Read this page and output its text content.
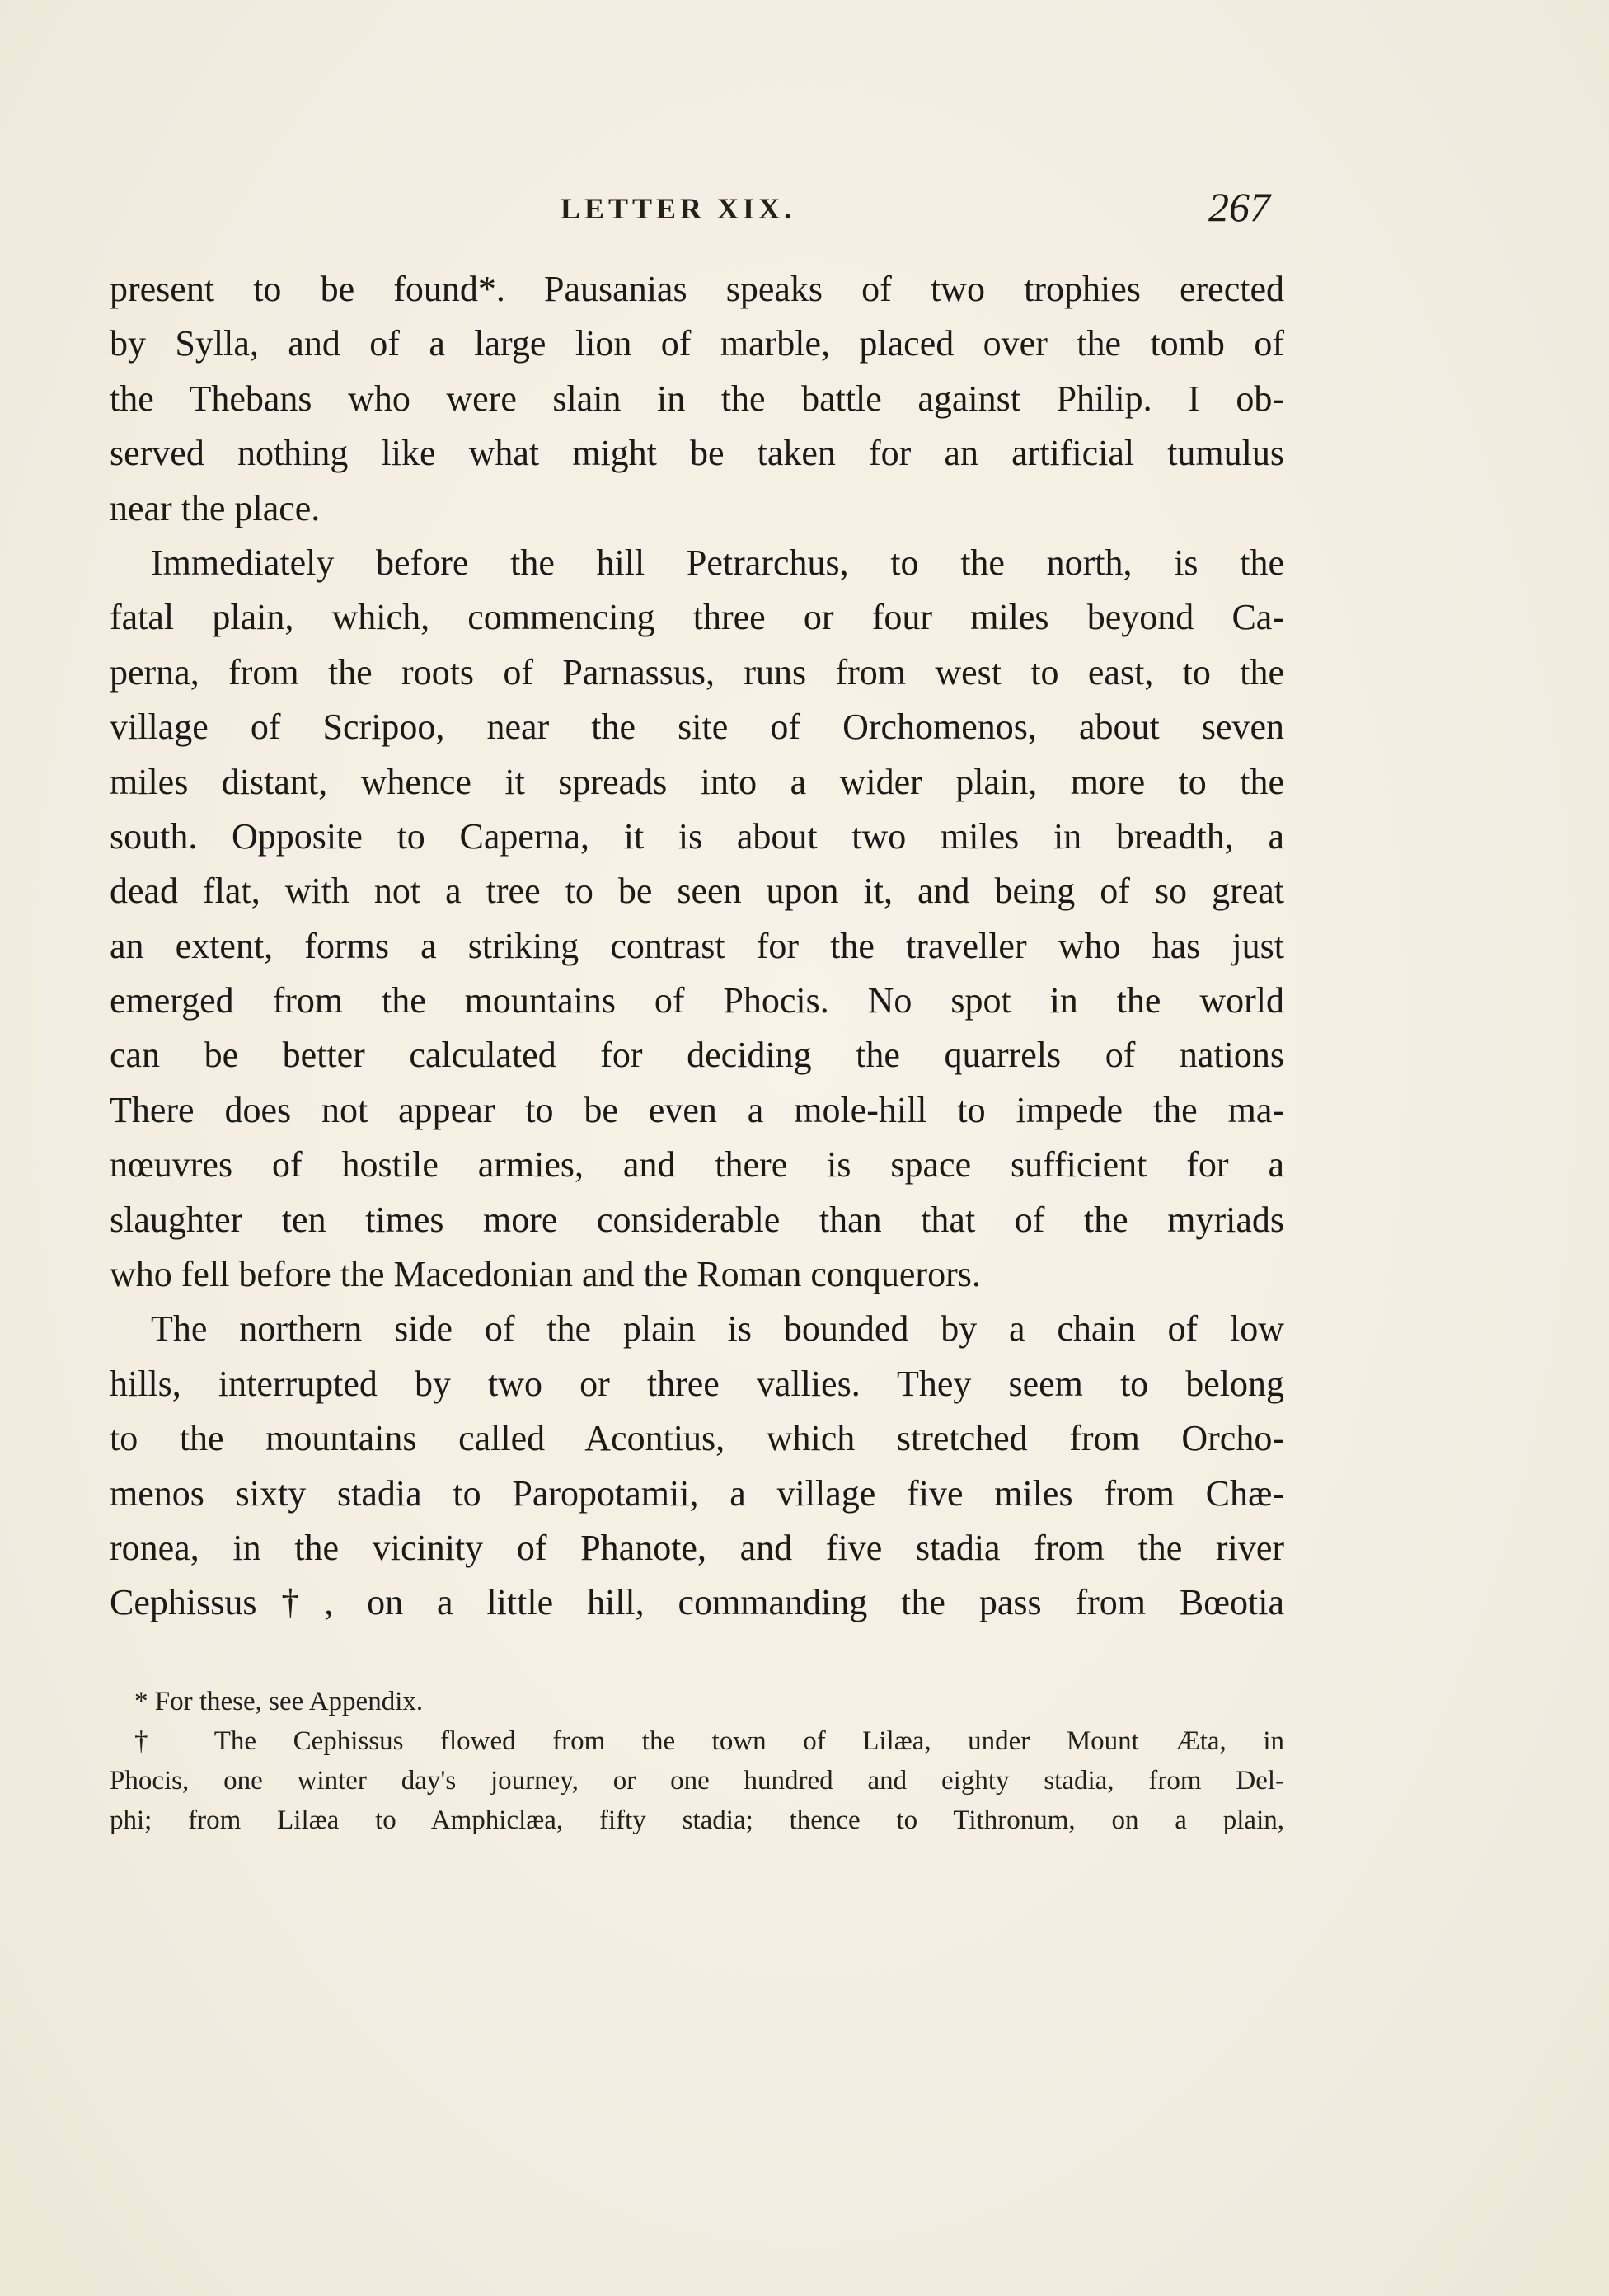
LETTER XIX.	267
present to be found*. Pausanias speaks of two trophies erected
by Sylla, and of a large lion of marble, placed over the tomb of
the Thebans who were slain in the battle against Philip. I ob-
served nothing like what might be taken for an artificial tumulus
near the place.
Immediately before the hill Petrarchus, to the north, is the
fatal plain, which, commencing three or four miles beyond Ca-
perna, from the roots of Parnassus, runs from west to east, to the
village of Scripoo, near the site of Orchomenos, about seven
miles distant, whence it spreads into a wider plain, more to the
south. Opposite to Caperna, it is about two miles in breadth, a
dead flat, with not a tree to be seen upon it, and being of so great
an extent, forms a striking contrast for the traveller who has just
emerged from the mountains of Phocis. No spot in the world
can be better calculated for deciding the quarrels of nations
There does not appear to be even a mole-hill to impede the ma-
nœuvres of hostile armies, and there is space sufficient for a
slaughter ten times more considerable than that of the myriads
who fell before the Macedonian and the Roman conquerors.
The northern side of the plain is bounded by a chain of low
hills, interrupted by two or three vallies. They seem to belong
to the mountains called Acontius, which stretched from Orcho-
menos sixty stadia to Paropotamii, a village five miles from Chæ-
ronea, in the vicinity of Phanote, and five stadia from the river
Cephissus†, on a little hill, commanding the pass from Bœotia
* For these, see Appendix.
† The Cephissus flowed from the town of Lilæa, under Mount Æta, in
Phocis, one winter day's journey, or one hundred and eighty stadia, from Del-
phi; from Lilæa to Amphiclæa, fifty stadia; thence to Tithronum, on a plain,
